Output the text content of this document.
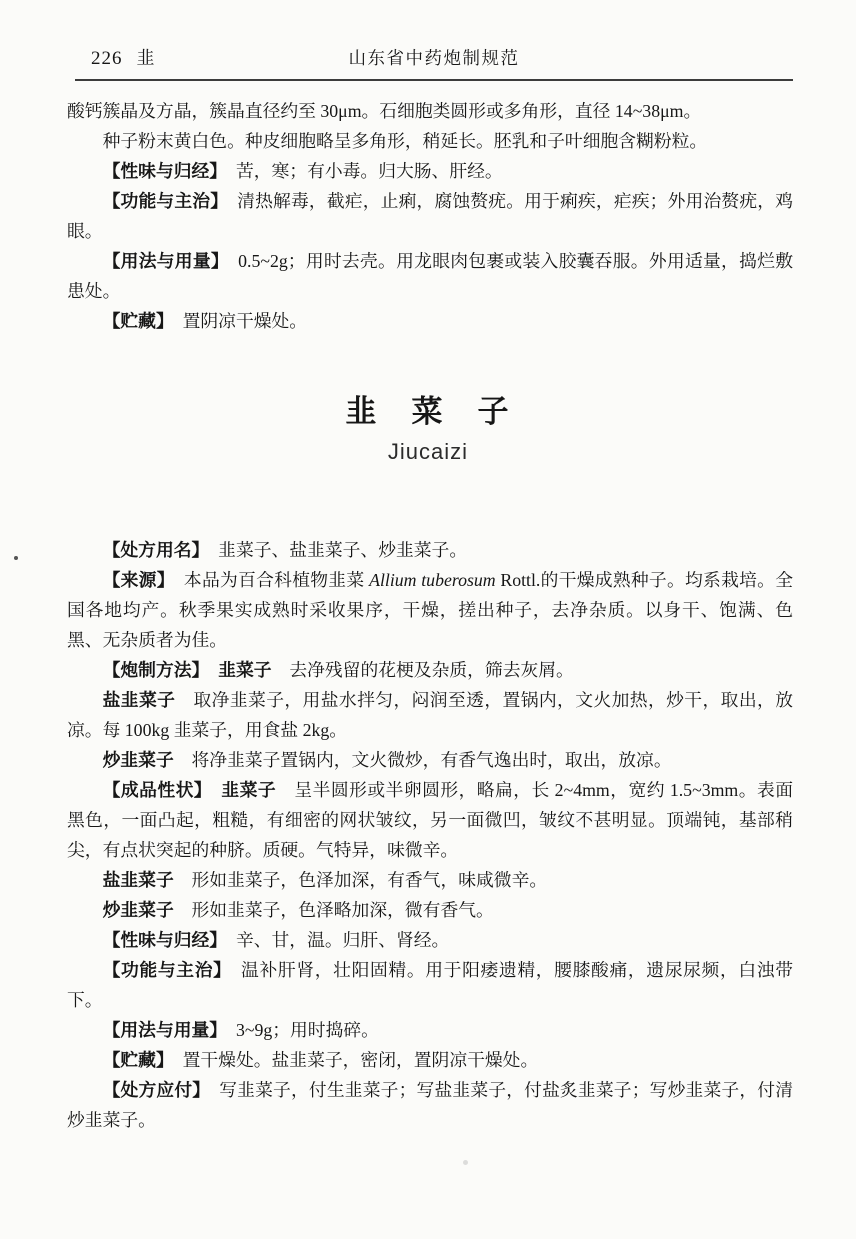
226 韭	山东省中药炮制规范

酸钙簇晶及方晶，簇晶直径约至 30μm。石细胞类圆形或多角形，直径 14~38μm。

种子粉末黄白色。种皮细胞略呈多角形，稍延长。胚乳和子叶细胞含糊粉粒。

【性味与归经】　苦，寒；有小毒。归大肠、肝经。

【功能与主治】　清热解毒，截疟，止痢，腐蚀赘疣。用于痢疾，疟疾；外用治赘疣，鸡眼。

【用法与用量】　0.5~2g；用时去壳。用龙眼肉包裹或装入胶囊吞服。外用适量，捣烂敷患处。

【贮藏】　置阴凉干燥处。

韭　菜　子
Jiucaizi

【处方用名】　韭菜子、盐韭菜子、炒韭菜子。

【来源】　本品为百合科植物韭菜 Allium tuberosum Rottl.的干燥成熟种子。均系栽培。全国各地均产。秋季果实成熟时采收果序，干燥，搓出种子，去净杂质。以身干、饱满、色黑、无杂质者为佳。

【炮制方法】　 韭菜子　去净残留的花梗及杂质，筛去灰屑。

盐韭菜子　取净韭菜子，用盐水拌匀，闷润至透，置锅内，文火加热，炒干，取出，放凉。每 100kg 韭菜子，用食盐 2kg。

炒韭菜子　将净韭菜子置锅内，文火微炒，有香气逸出时，取出，放凉。

【成品性状】　 韭菜子　呈半圆形或半卵圆形，略扁，长 2~4mm，宽约 1.5~3mm。表面黑色，一面凸起，粗糙，有细密的网状皱纹，另一面微凹，皱纹不甚明显。顶端钝，基部稍尖，有点状突起的种脐。质硬。气特异，味微辛。

盐韭菜子　形如韭菜子，色泽加深，有香气，味咸微辛。

炒韭菜子　形如韭菜子，色泽略加深，微有香气。

【性味与归经】　辛、甘，温。归肝、肾经。

【功能与主治】　温补肝肾，壮阳固精。用于阳痿遗精，腰膝酸痛，遗尿尿频，白浊带下。

【用法与用量】　3~9g；用时捣碎。

【贮藏】　置干燥处。盐韭菜子，密闭，置阴凉干燥处。

【处方应付】　写韭菜子，付生韭菜子；写盐韭菜子，付盐炙韭菜子；写炒韭菜子，付清炒韭菜子。
